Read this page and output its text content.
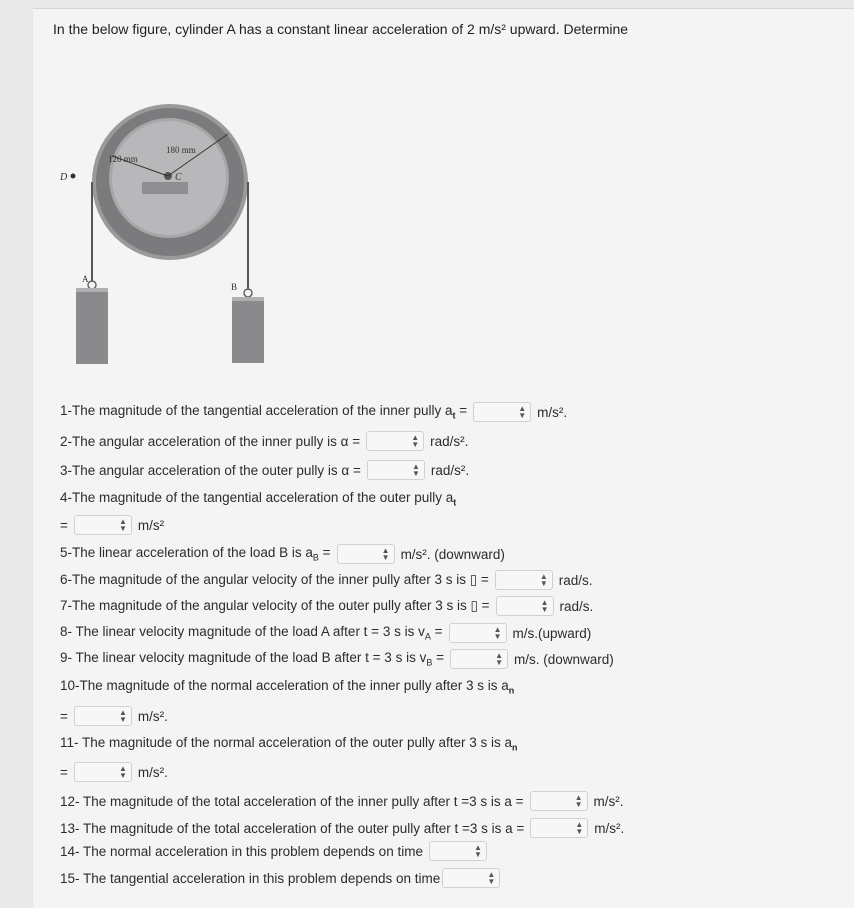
In the below figure, cylinder A has a constant linear acceleration of 2 m/s² upward. Determine
120 mm
180 mm
C
D
A
B
1-The magnitude of the tangential acceleration of the inner pully $a_t$ =	▲
▼ m/s².
2-The angular acceleration of the inner pully is α =	▲
▼ rad/s².
3-The angular acceleration of the outer pully is α =	▲
▼ rad/s².
4-The magnitude of the tangential acceleration of the outer pully $a_t$
=	▲
▼ m/s²
5-The linear acceleration of the load B is $a_B$ =	▲
▼ m/s². (downward)
6-The magnitude of the angular velocity of the inner pully after 3 s is ▯ =	▲
▼ rad/s.
7-The magnitude of the angular velocity of the outer pully after 3 s is ▯ =	▲
▼ rad/s.
8- The linear velocity magnitude of the load A after t = 3 s is $v_A$ =	▲
▼ m/s.(upward)
9- The linear velocity magnitude of the load B after t = 3 s is $v_B$ =	▲
▼ m/s. (downward)
10-The magnitude of the normal acceleration of the inner pully after 3 s is $a_n$
=	▲
▼ m/s².
11- The magnitude of the normal acceleration of the outer pully after 3 s is $a_n$
=	▲
▼ m/s².
12- The magnitude of the total acceleration of the inner pully after t =3 s is a =	▲
▼ m/s².
13- The magnitude of the total acceleration of the outer pully after t =3 s is a =	▲
▼ m/s².
14- The normal acceleration in this problem depends on time	▲
▼
15- The tangential acceleration in this problem depends on time	▲
▼
